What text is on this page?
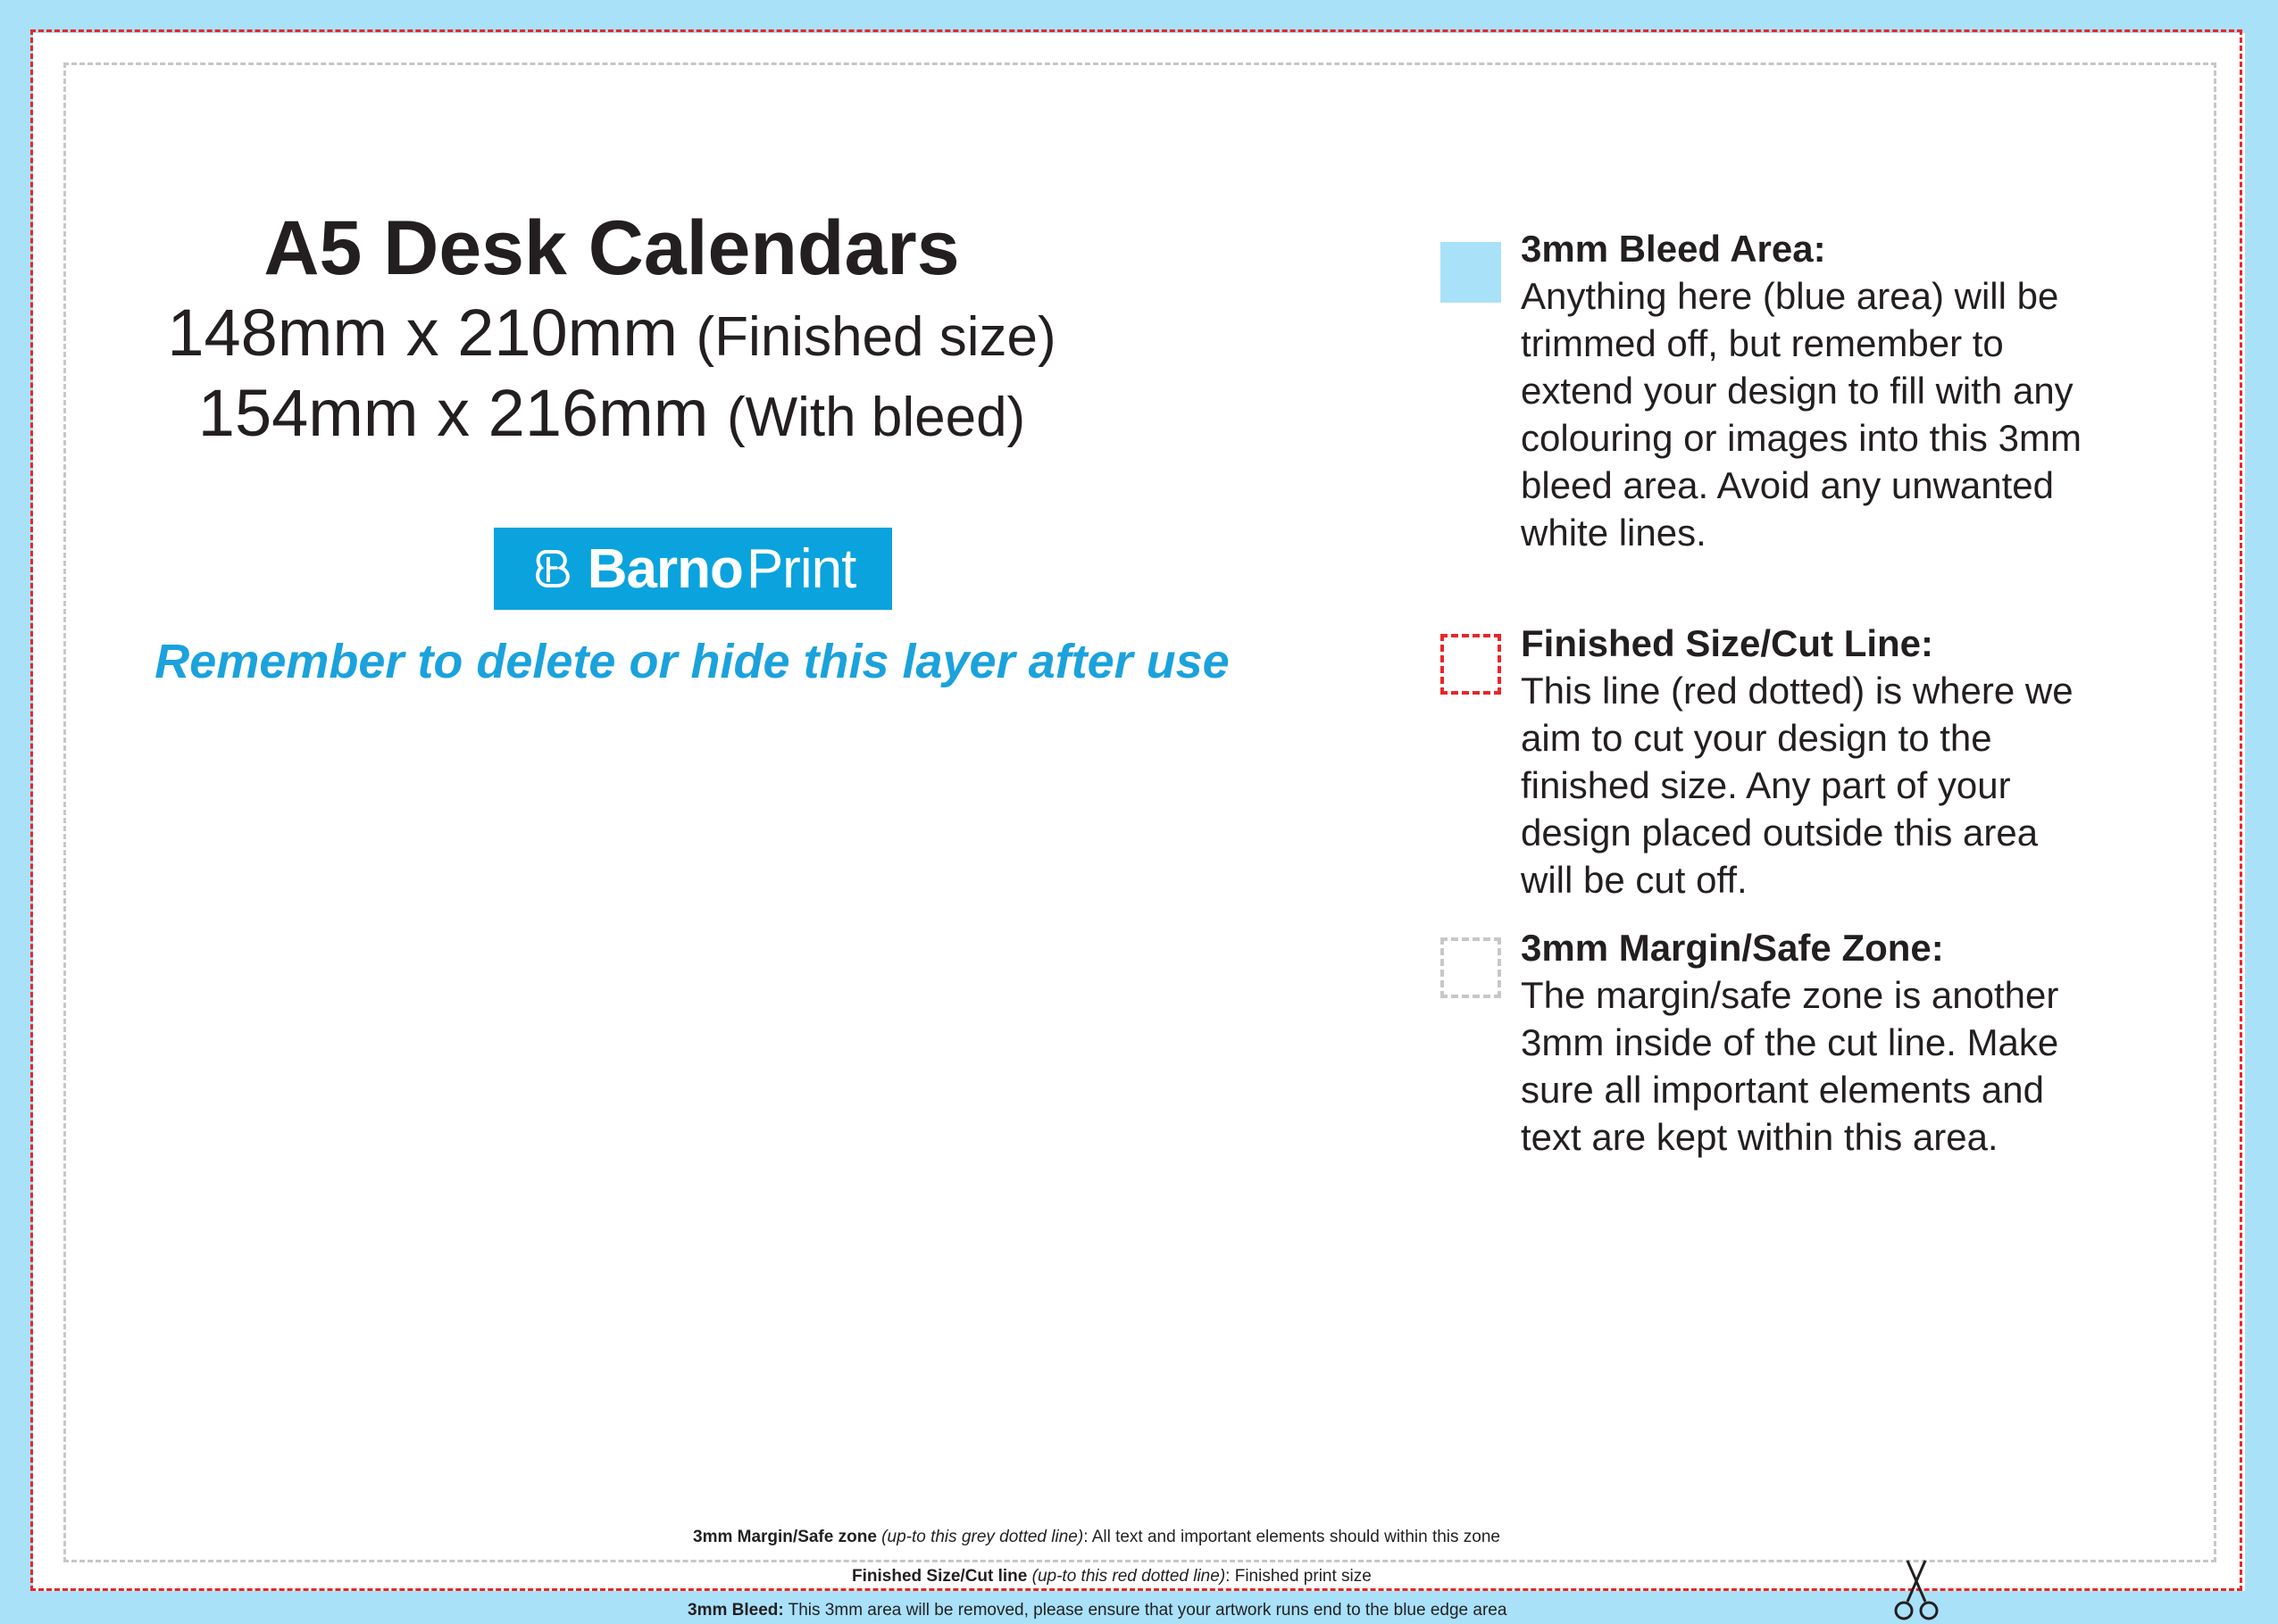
A5 Desk Calendars
148mm x 210mm (Finished size)
154mm x 216mm (With bleed)
Barno Print
Remember to delete or hide this layer after use
3mm Bleed Area:
Anything here (blue area) will be trimmed off, but remember to extend your design to fill with any colouring or images into this 3mm bleed area. Avoid any unwanted white lines.
Finished Size/Cut Line:
This line (red dotted) is where we aim to cut your design to the finished size. Any part of your design placed outside this area will be cut off.
3mm Margin/Safe Zone:
The margin/safe zone is another 3mm inside of the cut line. Make sure all important elements and text are kept within this area.
3mm Margin/Safe zone (up-to this grey dotted line): All text and important elements should within this zone
Finished Size/Cut line (up-to this red dotted line): Finished print size
3mm Bleed: This 3mm area will be removed, please ensure that your artwork runs end to the blue edge area
